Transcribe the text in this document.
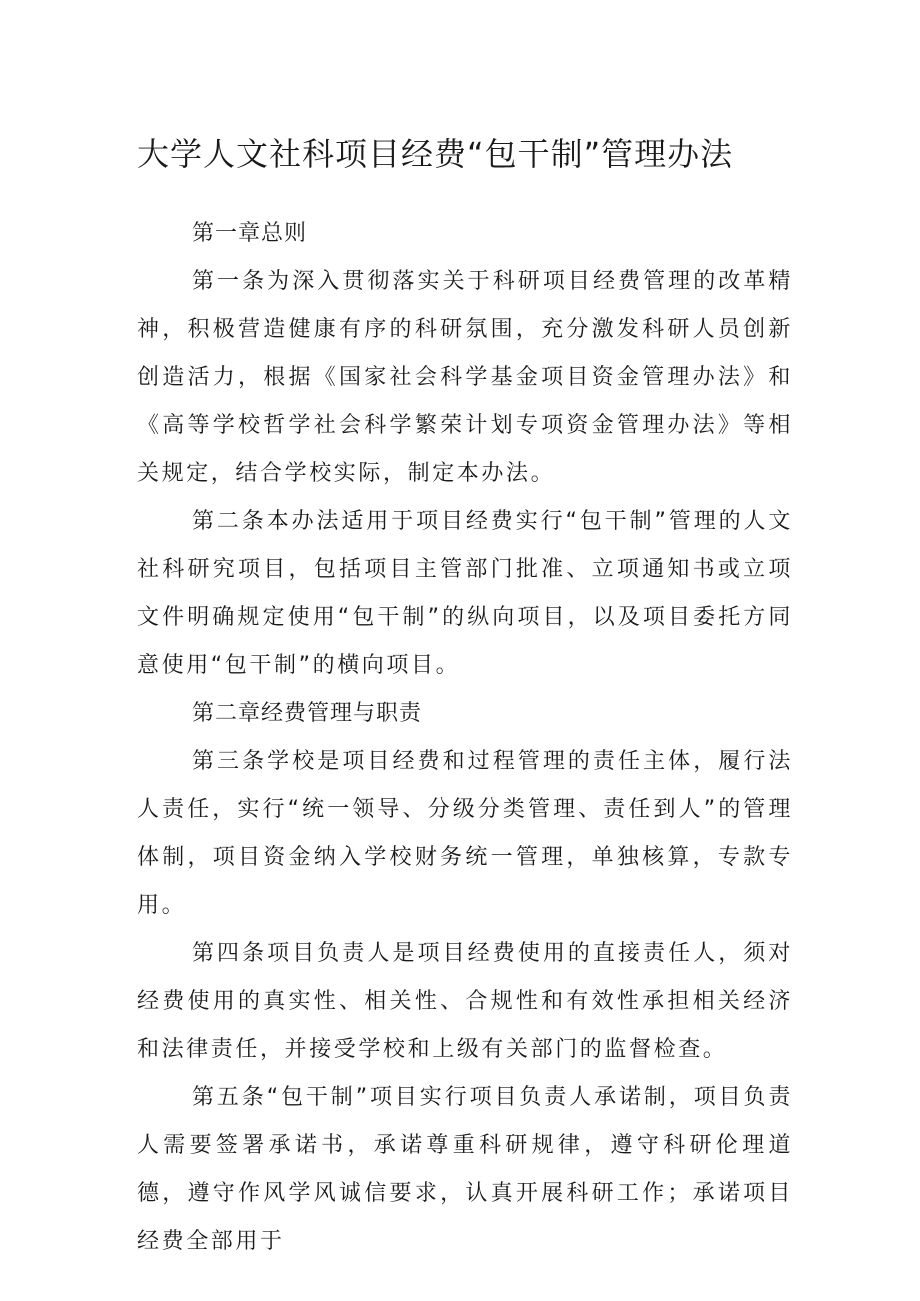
大学人文社科项目经费“包干制”管理办法

第一章总则

第一条为深入贯彻落实关于科研项目经费管理的改革精神，积极营造健康有序的科研氛围，充分激发科研人员创新创造活力，根据《国家社会科学基金项目资金管理办法》和《高等学校哲学社会科学繁荣计划专项资金管理办法》等相关规定，结合学校实际，制定本办法。

第二条本办法适用于项目经费实行“包干制”管理的人文社科研究项目，包括项目主管部门批准、立项通知书或立项文件明确规定使用“包干制”的纵向项目，以及项目委托方同意使用“包干制”的横向项目。

第二章经费管理与职责

第三条学校是项目经费和过程管理的责任主体，履行法人责任，实行“统一领导、分级分类管理、责任到人”的管理体制，项目资金纳入学校财务统一管理，单独核算，专款专用。

第四条项目负责人是项目经费使用的直接责任人，须对经费使用的真实性、相关性、合规性和有效性承担相关经济和法律责任，并接受学校和上级有关部门的监督检查。

第五条“包干制”项目实行项目负责人承诺制，项目负责人需要签署承诺书，承诺尊重科研规律，遵守科研伦理道德，遵守作风学风诚信要求，认真开展科研工作；承诺项目经费全部用于
